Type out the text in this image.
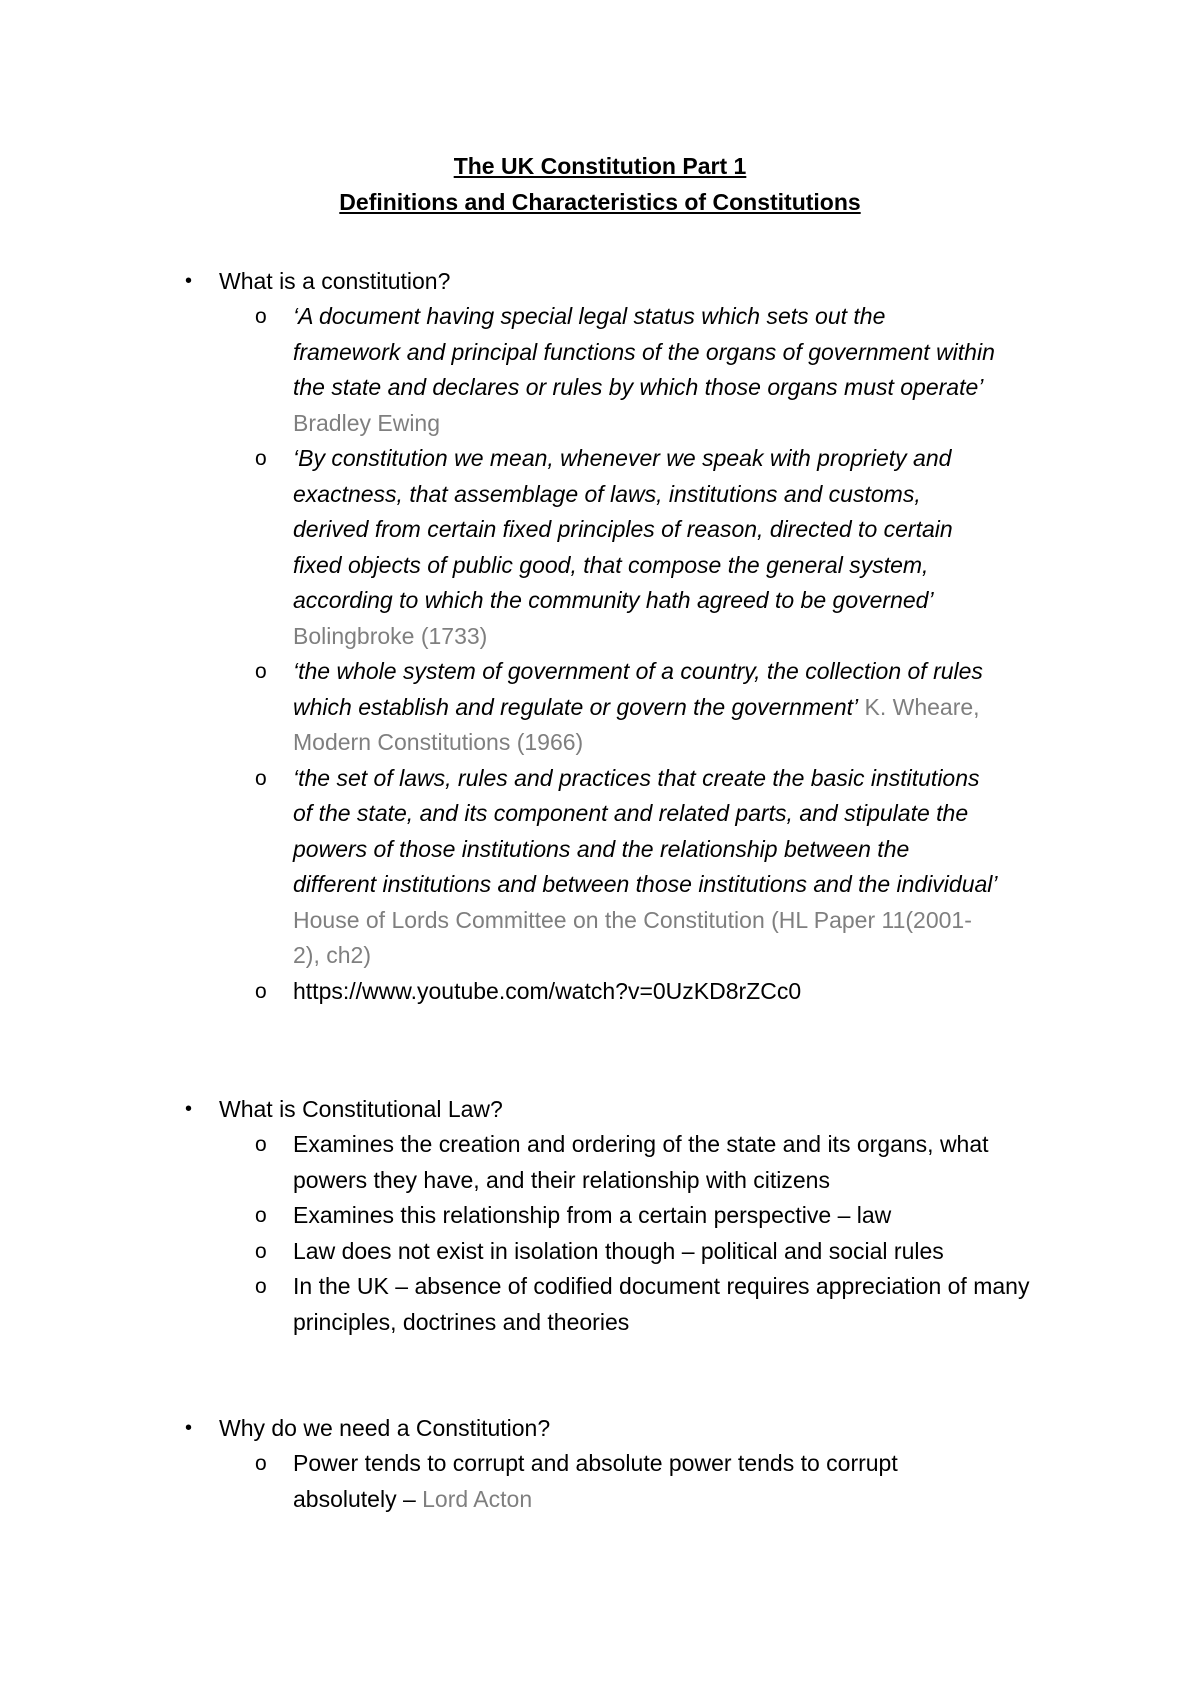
The UK Constitution Part 1

Definitions and Characteristics of Constitutions

•	What is a constitution?
o ‘A document having special legal status which sets out the framework and principal functions of the organs of government within the state and declares or rules by which those organs must operate’ Bradley Ewing
o ‘By constitution we mean, whenever we speak with propriety and exactness, that assemblage of laws, institutions and customs, derived from certain fixed principles of reason, directed to certain fixed objects of public good, that compose the general system, according to which the community hath agreed to be governed’ Bolingbroke (1733)
o ‘the whole system of government of a country, the collection of rules which establish and regulate or govern the government’ K. Wheare, Modern Constitutions (1966)
o ‘the set of laws, rules and practices that create the basic institutions of the state, and its component and related parts, and stipulate the powers of those institutions and the relationship between the different institutions and between those institutions and the individual’ House of Lords Committee on the Constitution (HL Paper 11(2001-2), ch2)
o https://www.youtube.com/watch?v=0UzKD8rZCc0
•	What is Constitutional Law?
o Examines the creation and ordering of the state and its organs, what powers they have, and their relationship with citizens
o Examines this relationship from a certain perspective – law
o Law does not exist in isolation though – political and social rules
o In the UK – absence of codified document requires appreciation of many principles, doctrines and theories
•	Why do we need a Constitution?
o Power tends to corrupt and absolute power tends to corrupt absolutely – Lord Acton
